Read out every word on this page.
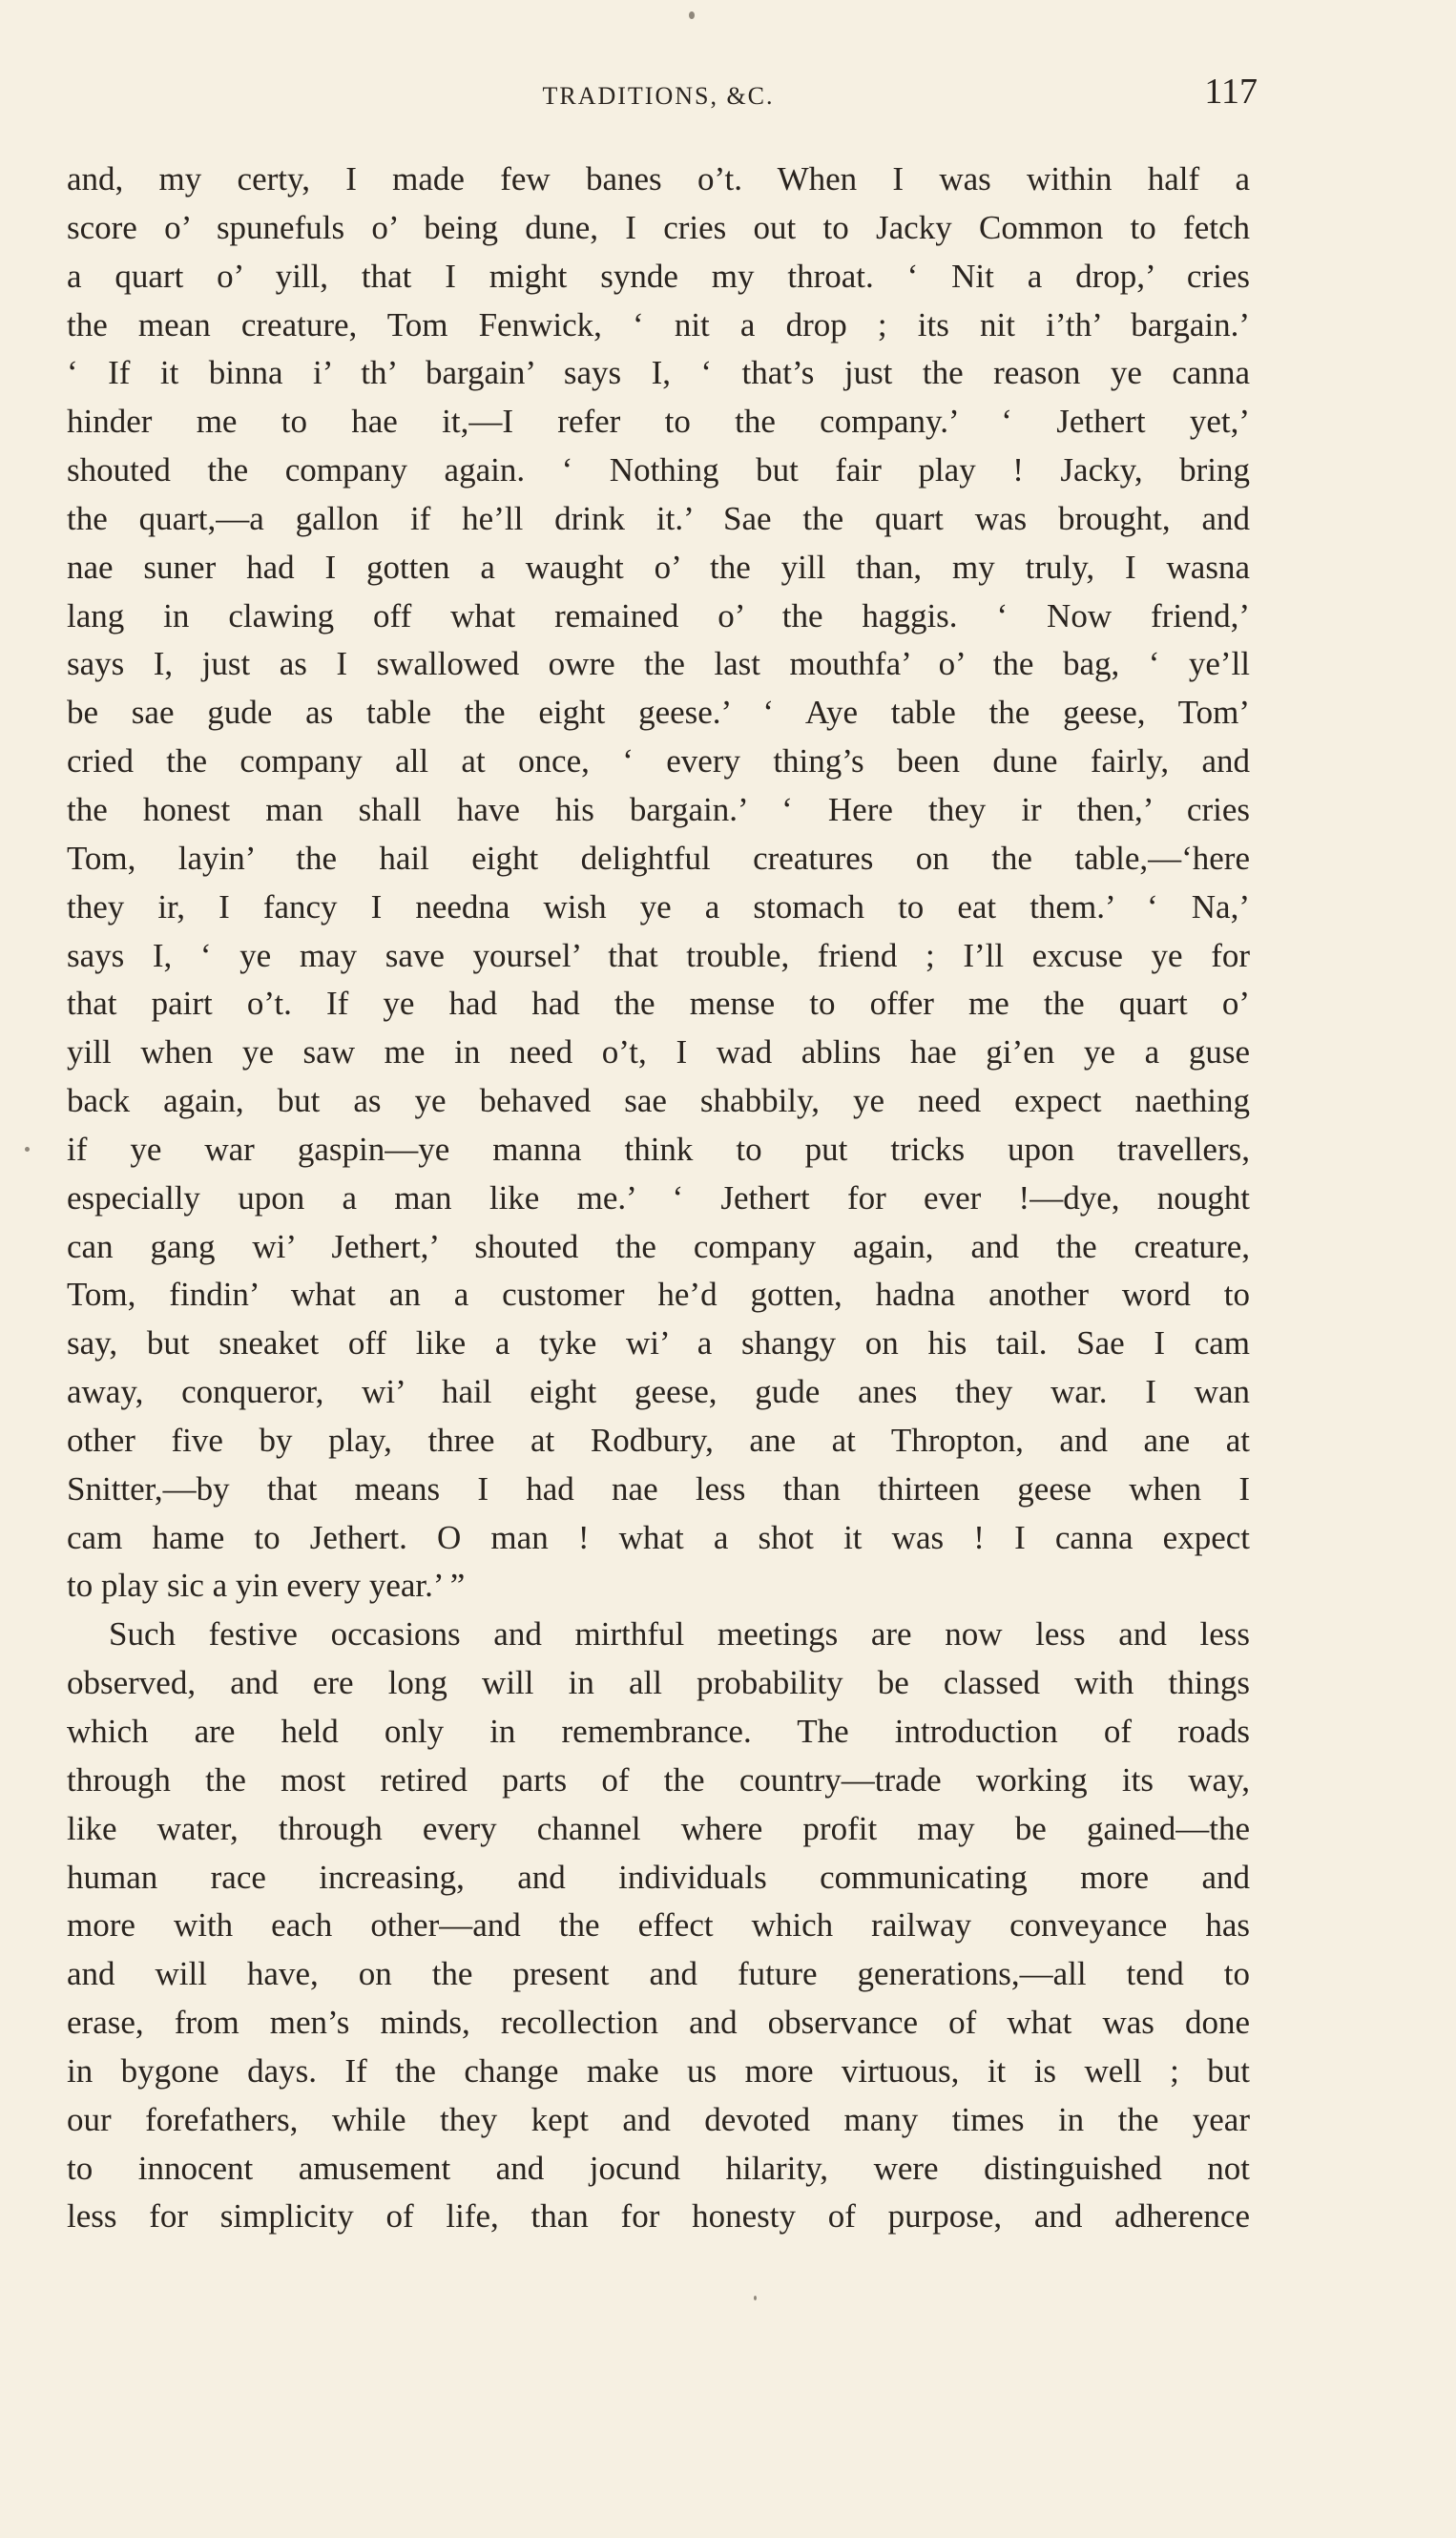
TRADITIONS, &C.	117
and, my certy, I made few banes o’t. When I was within half a
score o’ spunefuls o’ being dune, I cries out to Jacky Common to fetch
a quart o’ yill, that I might synde my throat. ‘ Nit a drop,’ cries
the mean creature, Tom Fenwick, ‘ nit a drop ; its nit i’th’ bargain.’
‘ If it binna i’ th’ bargain’ says I, ‘ that’s just the reason ye canna
hinder me to hae it,—I refer to the company.’ ‘ Jethert yet,’
shouted the company again. ‘ Nothing but fair play ! Jacky, bring
the quart,—a gallon if he’ll drink it.’ Sae the quart was brought, and
nae suner had I gotten a waught o’ the yill than, my truly, I wasna
lang in clawing off what remained o’ the haggis. ‘ Now friend,’
says I, just as I swallowed owre the last mouthfa’ o’ the bag, ‘ ye’ll
be sae gude as table the eight geese.’ ‘ Aye table the geese, Tom’
cried the company all at once, ‘ every thing’s been dune fairly, and
the honest man shall have his bargain.’ ‘ Here they ir then,’ cries
Tom, layin’ the hail eight delightful creatures on the table,—‘here
they ir, I fancy I needna wish ye a stomach to eat them.’ ‘ Na,’
says I, ‘ ye may save yoursel’ that trouble, friend ; I’ll excuse ye for
that pairt o’t. If ye had had the mense to offer me the quart o’
yill when ye saw me in need o’t, I wad ablins hae gi’en ye a guse
back again, but as ye behaved sae shabbily, ye need expect naething
if ye war gaspin—ye manna think to put tricks upon travellers,
especially upon a man like me.’ ‘ Jethert for ever !—dye, nought
can gang wi’ Jethert,’ shouted the company again, and the creature,
Tom, findin’ what an a customer he’d gotten, hadna another word to
say, but sneaket off like a tyke wi’ a shangy on his tail. Sae I cam
away, conqueror, wi’ hail eight geese, gude anes they war. I wan
other five by play, three at Rodbury, ane at Thropton, and ane at
Snitter,—by that means I had nae less than thirteen geese when I
cam hame to Jethert. O man ! what a shot it was ! I canna expect
to play sic a yin every year.’ ”
Such festive occasions and mirthful meetings are now less and less
observed, and ere long will in all probability be classed with things
which are held only in remembrance. The introduction of roads
through the most retired parts of the country—trade working its way,
like water, through every channel where profit may be gained—the
human race increasing, and individuals communicating more and
more with each other—and the effect which railway conveyance has
and will have, on the present and future generations,—all tend to
erase, from men’s minds, recollection and observance of what was done
in bygone days. If the change make us more virtuous, it is well ; but
our forefathers, while they kept and devoted many times in the year
to innocent amusement and jocund hilarity, were distinguished not
less for simplicity of life, than for honesty of purpose, and adherence
